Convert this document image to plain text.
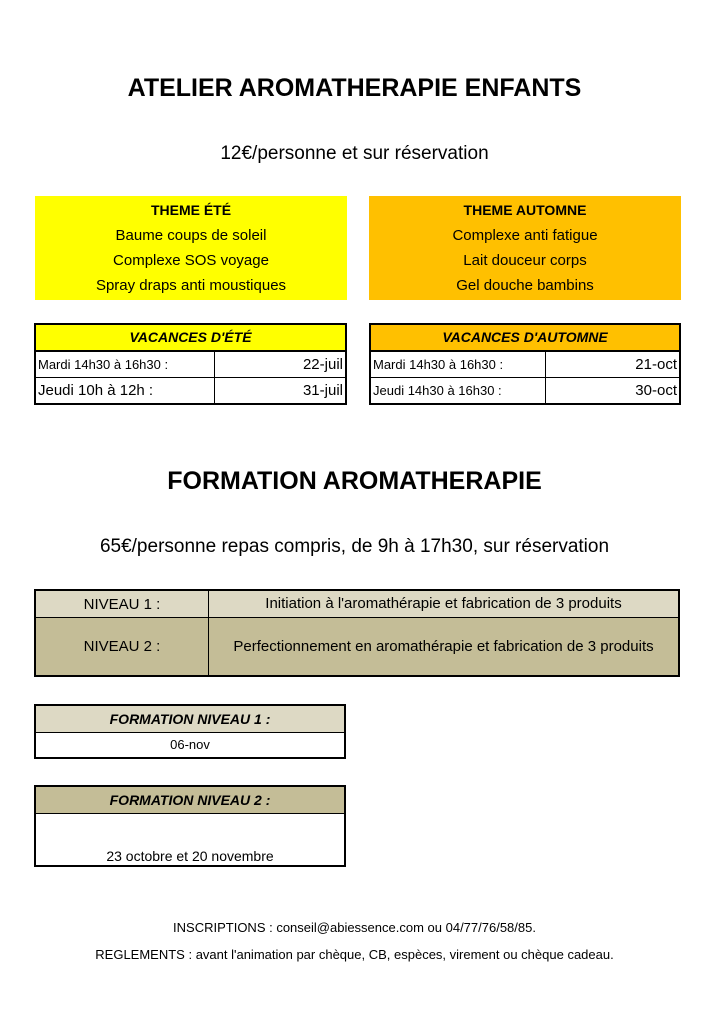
ATELIER AROMATHERAPIE ENFANTS
12€/personne et sur réservation
THEME ÉTÉ
Baume coups de soleil
Complexe SOS voyage
Spray draps anti moustiques
THEME AUTOMNE
Complexe anti fatigue
Lait douceur corps
Gel douche bambins
VACANCES D'ÉTÉ
Mardi 14h30 à 16h30 :	22-juil
Jeudi 10h à 12h :	31-juil
VACANCES D'AUTOMNE
Mardi 14h30 à 16h30 :	21-oct
Jeudi 14h30 à 16h30 :	30-oct
FORMATION AROMATHERAPIE
65€/personne repas compris, de 9h à 17h30, sur réservation
NIVEAU 1 :	Initiation à l'aromathérapie et fabrication de 3 produits
NIVEAU 2 :	Perfectionnement en aromathérapie et fabrication de 3 produits
FORMATION NIVEAU 1 :
06-nov
FORMATION NIVEAU 2 :
23 octobre et 20 novembre
INSCRIPTIONS : conseil@abiessence.com ou 04/77/76/58/85.
REGLEMENTS : avant l'animation par chèque, CB, espèces, virement ou chèque cadeau.
